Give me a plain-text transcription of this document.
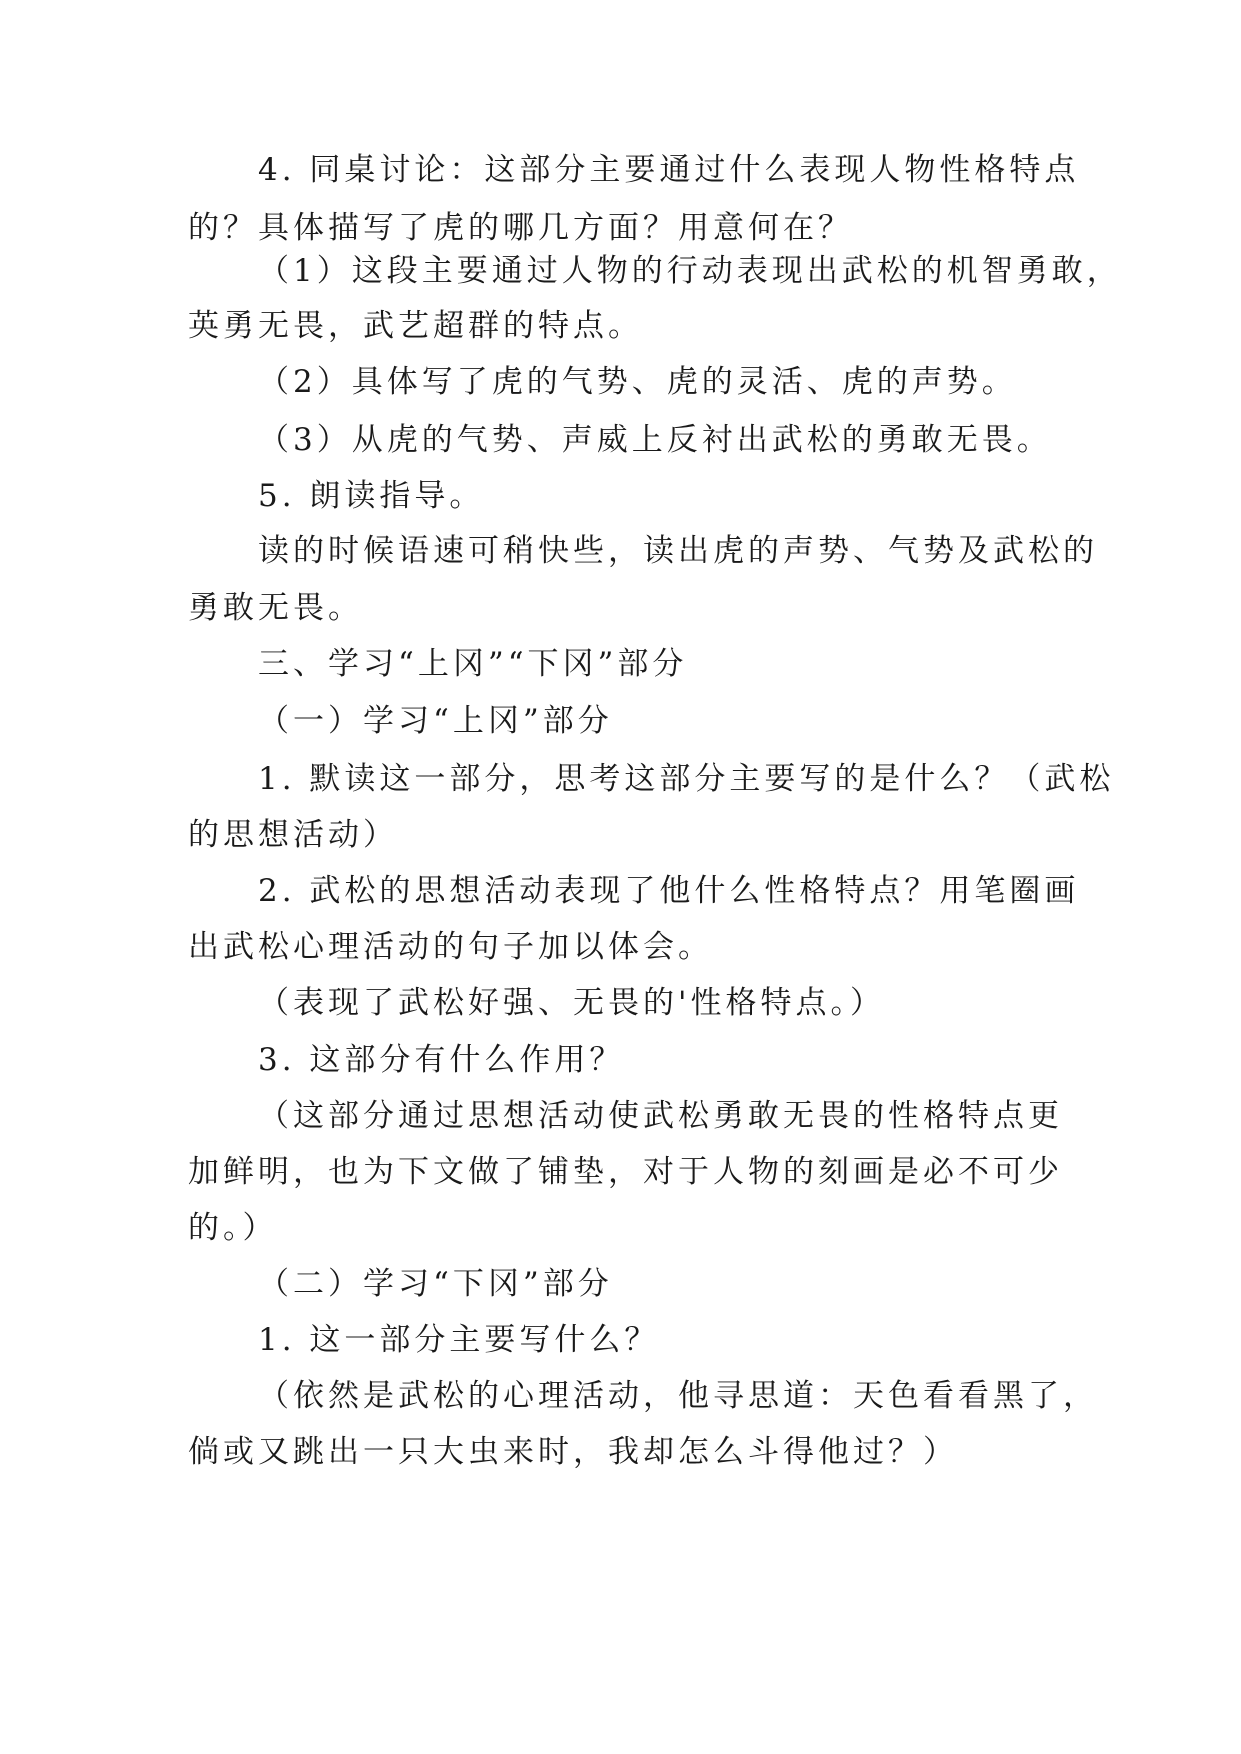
4. 同桌讨论：这部分主要通过什么表现人物性格特点
的？具体描写了虎的哪几方面？用意何在？
（1）这段主要通过人物的行动表现出武松的机智勇敢，
英勇无畏，武艺超群的特点。
（2）具体写了虎的气势、虎的灵活、虎的声势。
（3）从虎的气势、声威上反衬出武松的勇敢无畏。
5. 朗读指导。
读的时候语速可稍快些，读出虎的声势、气势及武松的
勇敢无畏。
三、学习“上冈”“下冈”部分
（一）学习“上冈”部分
1. 默读这一部分，思考这部分主要写的是什么？（武松
的思想活动）
2. 武松的思想活动表现了他什么性格特点？用笔圈画
出武松心理活动的句子加以体会。
（表现了武松好强、无畏的'性格特点。）
3. 这部分有什么作用？
（这部分通过思想活动使武松勇敢无畏的性格特点更
加鲜明，也为下文做了铺垫，对于人物的刻画是必不可少
的。）
（二）学习“下冈”部分
1. 这一部分主要写什么？
（依然是武松的心理活动，他寻思道：天色看看黑了，
倘或又跳出一只大虫来时，我却怎么斗得他过？）
